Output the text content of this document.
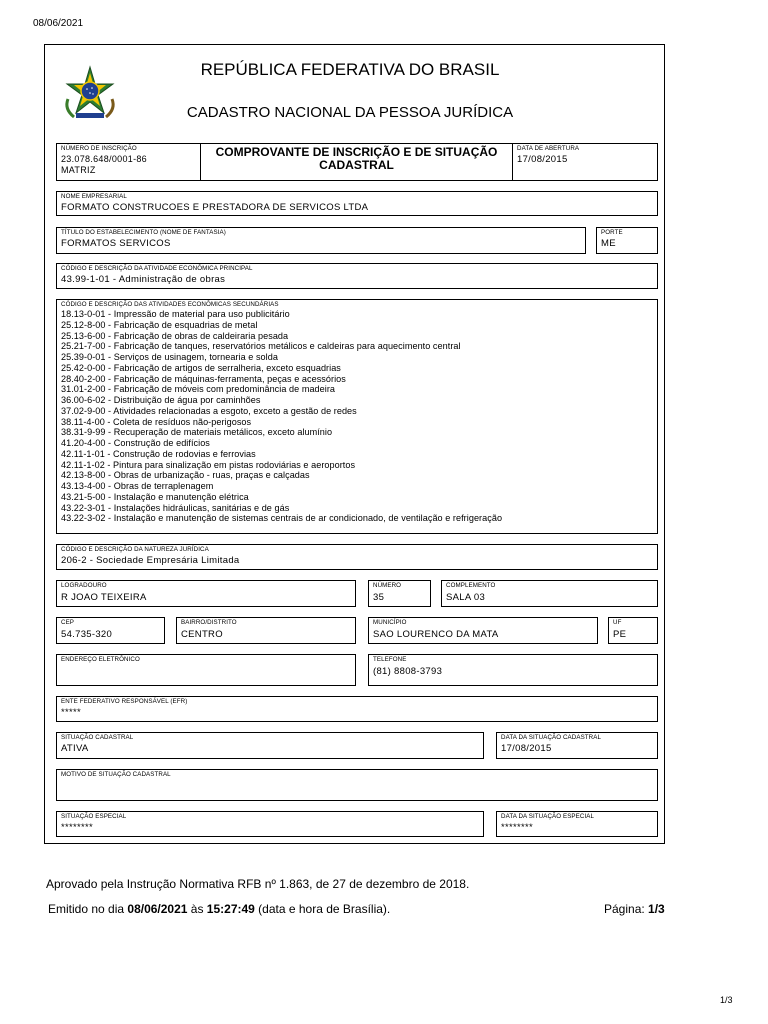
08/06/2021
REPÚBLICA FEDERATIVA DO BRASIL
CADASTRO NACIONAL DA PESSOA JURÍDICA
NÚMERO DE INSCRIÇÃO
23.078.648/0001-86
MATRIZ
COMPROVANTE DE INSCRIÇÃO E DE SITUAÇÃO
CADASTRAL
DATA DE ABERTURA
17/08/2015
NOME EMPRESARIAL
FORMATO CONSTRUCOES E PRESTADORA DE SERVICOS LTDA
TÍTULO DO ESTABELECIMENTO (NOME DE FANTASIA)
FORMATOS SERVICOS
PORTE
ME
CÓDIGO E DESCRIÇÃO DA ATIVIDADE ECONÔMICA PRINCIPAL
43.99-1-01 - Administração de obras
CÓDIGO E DESCRIÇÃO DAS ATIVIDADES ECONÔMICAS SECUNDÁRIAS
18.13-0-01 - Impressão de material para uso publicitário
25.12-8-00 - Fabricação de esquadrias de metal
25.13-6-00 - Fabricação de obras de caldeiraria pesada
25.21-7-00 - Fabricação de tanques, reservatórios metálicos e caldeiras para aquecimento central
25.39-0-01 - Serviços de usinagem, tornearia e solda
25.42-0-00 - Fabricação de artigos de serralheria, exceto esquadrias
28.40-2-00 - Fabricação de máquinas-ferramenta, peças e acessórios
31.01-2-00 - Fabricação de móveis com predominância de madeira
36.00-6-02 - Distribuição de água por caminhões
37.02-9-00 - Atividades relacionadas a esgoto, exceto a gestão de redes
38.11-4-00 - Coleta de resíduos não-perigosos
38.31-9-99 - Recuperação de materiais metálicos, exceto alumínio
41.20-4-00 - Construção de edifícios
42.11-1-01 - Construção de rodovias e ferrovias
42.11-1-02 - Pintura para sinalização em pistas rodoviárias e aeroportos
42.13-8-00 - Obras de urbanização - ruas, praças e calçadas
43.13-4-00 - Obras de terraplenagem
43.21-5-00 - Instalação e manutenção elétrica
43.22-3-01 - Instalações hidráulicas, sanitárias e de gás
43.22-3-02 - Instalação e manutenção de sistemas centrais de ar condicionado, de ventilação e refrigeração
CÓDIGO E DESCRIÇÃO DA NATUREZA JURÍDICA
206-2 - Sociedade Empresária Limitada
LOGRADOURO
R JOAO TEIXEIRA
NÚMERO
35
COMPLEMENTO
SALA 03
CEP
54.735-320
BAIRRO/DISTRITO
CENTRO
MUNICÍPIO
SAO LOURENCO DA MATA
UF
PE
ENDEREÇO ELETRÔNICO	TELEFONE
(81) 8808-3793
ENTE FEDERATIVO RESPONSÁVEL (EFR)
*****
SITUAÇÃO CADASTRAL
ATIVA
DATA DA SITUAÇÃO CADASTRAL
17/08/2015
MOTIVO DE SITUAÇÃO CADASTRAL
SITUAÇÃO ESPECIAL
********
DATA DA SITUAÇÃO ESPECIAL
********
Aprovado pela Instrução Normativa RFB nº 1.863, de 27 de dezembro de 2018.
Emitido no dia 08/06/2021 às 15:27:49 (data e hora de Brasília).	Página: 1/3
1/3
